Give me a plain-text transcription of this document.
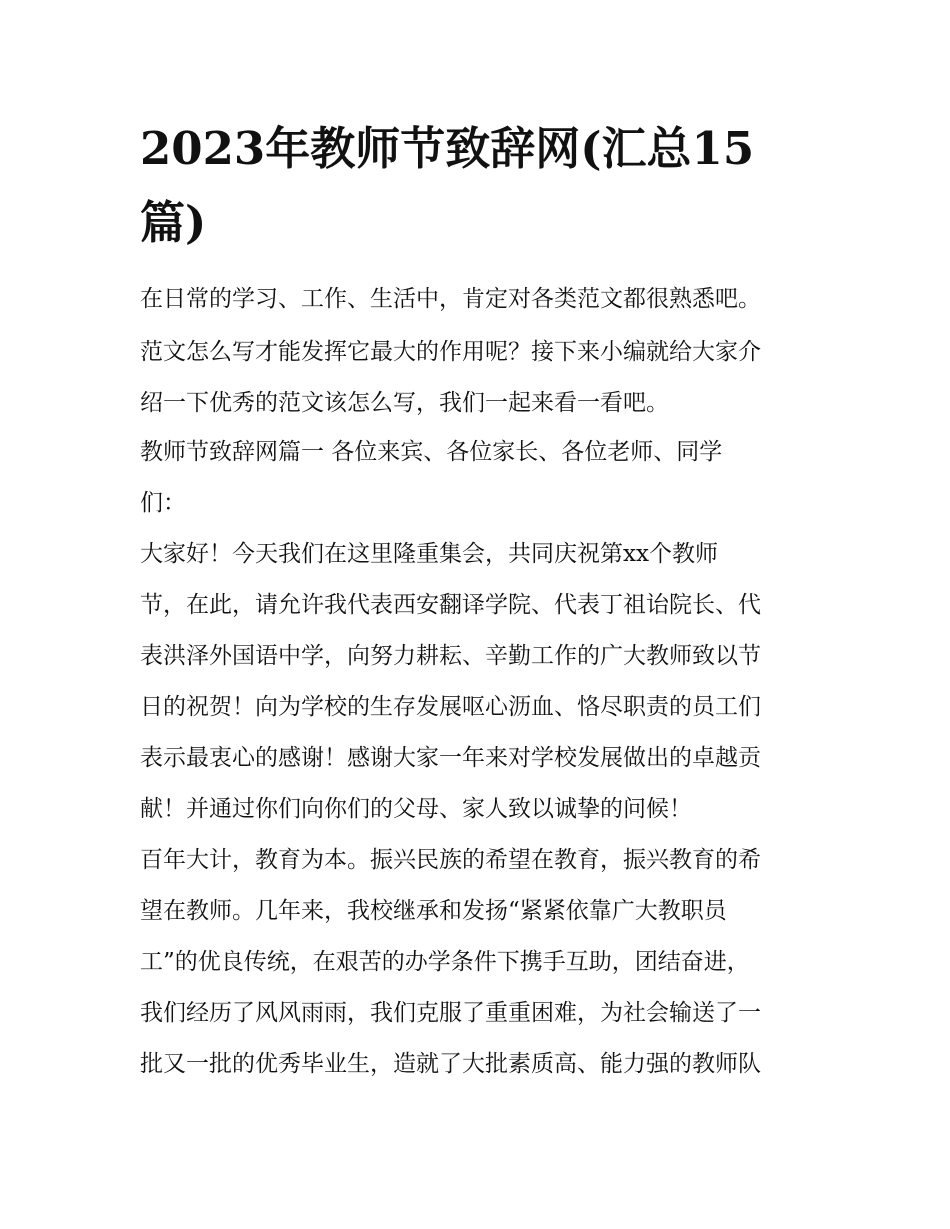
2023年教师节致辞网(汇总15篇)
在日常的学习、工作、生活中，肯定对各类范文都很熟悉吧。
范文怎么写才能发挥它最大的作用呢？接下来小编就给大家介
绍一下优秀的范文该怎么写，我们一起来看一看吧。
教师节致辞网篇一 各位来宾、各位家长、各位老师、同学
们：
大家好！今天我们在这里隆重集会，共同庆祝第xx个教师
节，在此，请允许我代表西安翻译学院、代表丁祖诒院长、代
表洪泽外国语中学，向努力耕耘、辛勤工作的广大教师致以节
日的祝贺！向为学校的生存发展呕心沥血、恪尽职责的员工们
表示最衷心的感谢！感谢大家一年来对学校发展做出的卓越贡
献！并通过你们向你们的父母、家人致以诚挚的问候！
百年大计，教育为本。振兴民族的希望在教育，振兴教育的希
望在教师。几年来，我校继承和发扬“紧紧依靠广大教职员
工”的优良传统，在艰苦的办学条件下携手互助，团结奋进，
我们经历了风风雨雨，我们克服了重重困难，为社会输送了一
批又一批的优秀毕业生，造就了大批素质高、能力强的教师队
